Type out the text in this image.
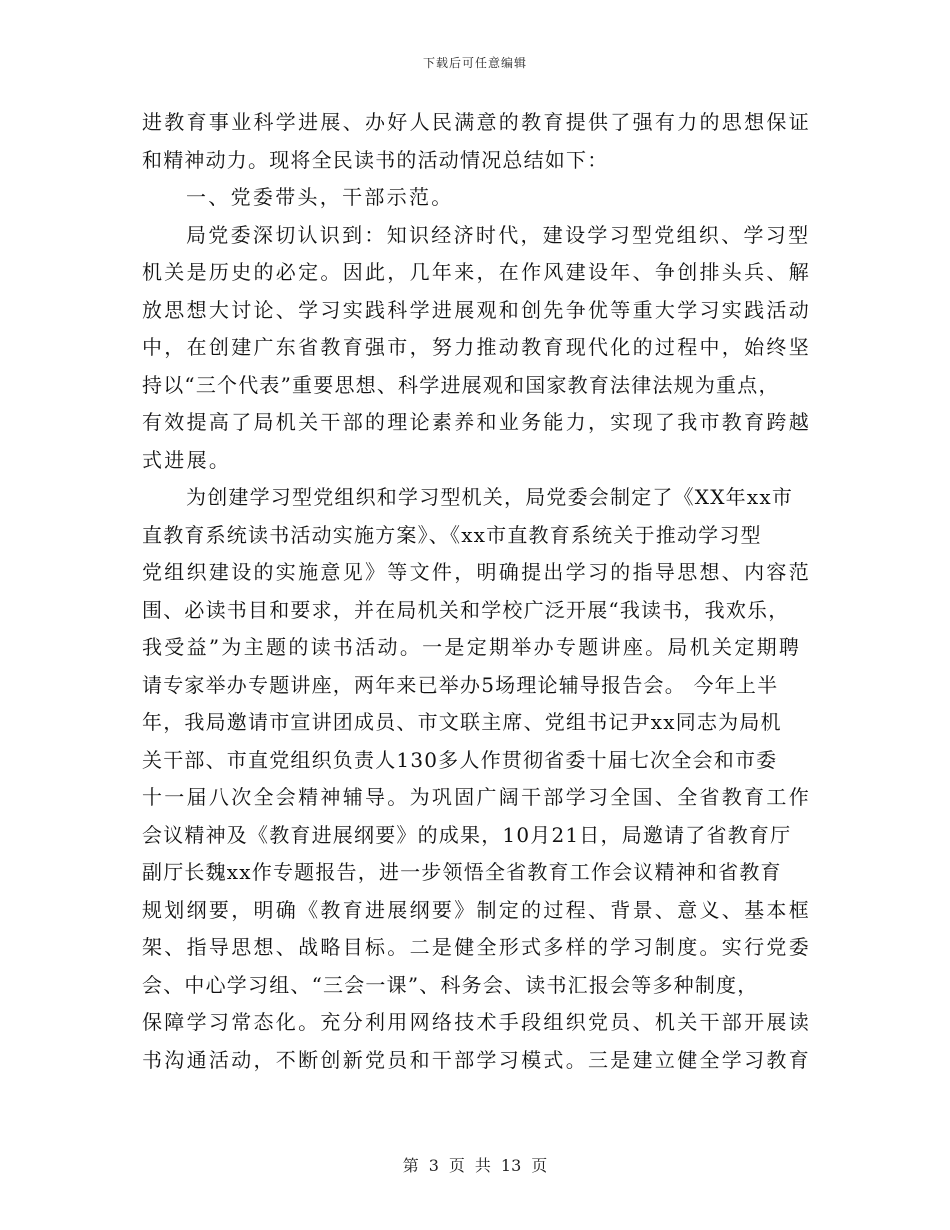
下载后可任意编辑
进教育事业科学进展、办好人民满意的教育提供了强有力的思想保证
和精神动力。现将全民读书的活动情况总结如下：
一、党委带头，干部示范。
局党委深切认识到：知识经济时代，建设学习型党组织、学习型
机关是历史的必定。因此，几年来，在作风建设年、争创排头兵、解
放思想大讨论、学习实践科学进展观和创先争优等重大学习实践活动
中，在创建广东省教育强市，努力推动教育现代化的过程中，始终坚
持以“三个代表”重要思想、科学进展观和国家教育法律法规为重点，
有效提高了局机关干部的理论素养和业务能力，实现了我市教育跨越
式进展。
为创建学习型党组织和学习型机关，局党委会制定了《XX年xx市
直教育系统读书活动实施方案》、《xx市直教育系统关于推动学习型
党组织建设的实施意见》等文件，明确提出学习的指导思想、内容范
围、必读书目和要求，并在局机关和学校广泛开展“我读书，我欢乐，
我受益”为主题的读书活动。一是定期举办专题讲座。局机关定期聘
请专家举办专题讲座，两年来已举办5场理论辅导报告会。 今年上半
年，我局邀请市宣讲团成员、市文联主席、党组书记尹xx同志为局机
关干部、市直党组织负责人130多人作贯彻省委十届七次全会和市委
十一届八次全会精神辅导。为巩固广阔干部学习全国、全省教育工作
会议精神及《教育进展纲要》的成果，10月21日，局邀请了省教育厅
副厅长魏xx作专题报告，进一步领悟全省教育工作会议精神和省教育
规划纲要，明确《教育进展纲要》制定的过程、背景、意义、基本框
架、指导思想、战略目标。二是健全形式多样的学习制度。实行党委
会、中心学习组、“三会一课”、科务会、读书汇报会等多种制度，
保障学习常态化。充分利用网络技术手段组织党员、机关干部开展读
书沟通活动，不断创新党员和干部学习模式。三是建立健全学习教育
第 3 页 共 13 页
